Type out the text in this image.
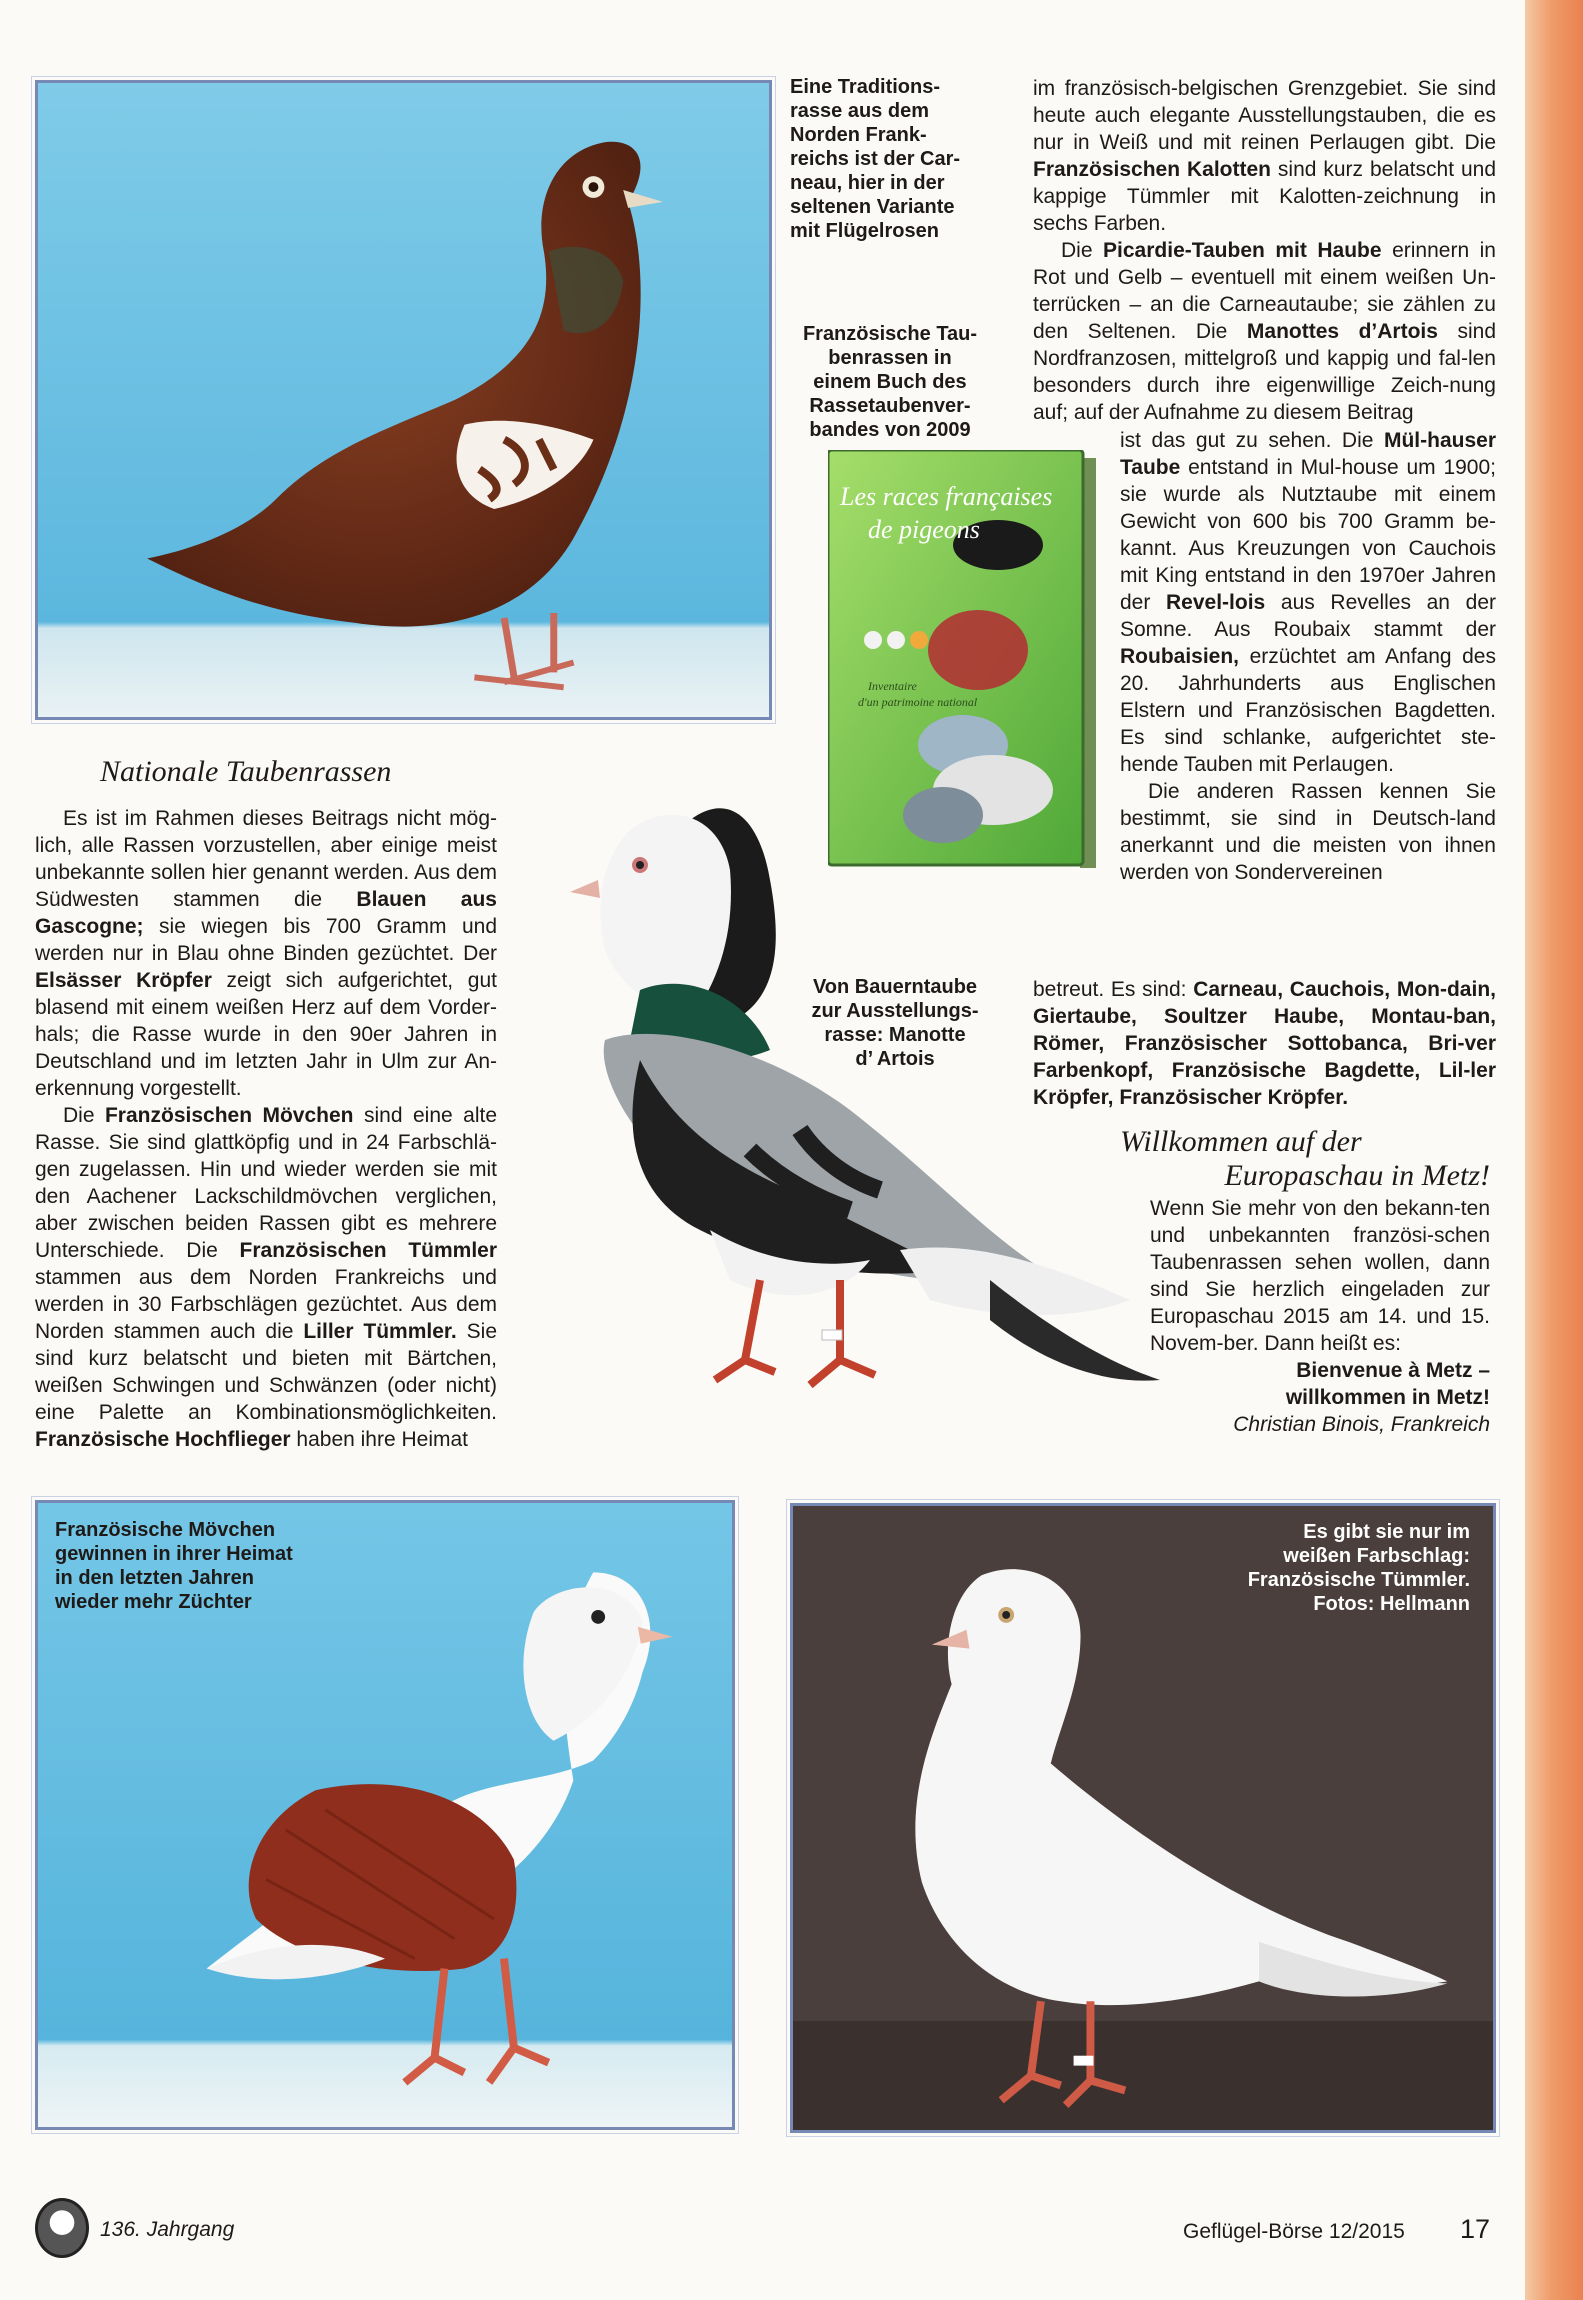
Eine Traditions-
rasse aus dem
Norden Frank-
reichs ist der Car-
neau, hier in der
seltenen Variante
mit Flügelrosen
Französische Tau-
benrassen in
einem Buch des
Rassetaubenver-
bandes von 2009
Les races françaises
de pigeons
Inventaire
d'un patrimoine national

im französisch-belgischen Grenzgebiet. Sie sind heute auch elegante Ausstellungstauben, die es nur in Weiß und mit reinen Perlaugen gibt. Die Französischen Kalotten sind kurz belatscht und kappige Tümmler mit Kalotten-zeichnung in sechs Farben.

Die Picardie-Tauben mit Haube erinnern in Rot und Gelb – eventuell mit einem weißen Un-terrücken – an die Carneautaube; sie zählen zu den Seltenen. Die Manottes d’Artois sind Nordfranzosen, mittelgroß und kappig und fal-len besonders durch ihre eigenwillige Zeich-nung auf; auf der Aufnahme zu diesem Beitrag

ist das gut zu sehen. Die Mül-hauser Taube entstand in Mul-house um 1900; sie wurde als Nutztaube mit einem Gewicht von 600 bis 700 Gramm be-kannt. Aus Kreuzungen von Cauchois mit King entstand in den 1970er Jahren der Revel-lois aus Revelles an der Somne. Aus Roubaix stammt der Roubaisien, erzüchtet am Anfang des 20. Jahrhunderts aus Englischen Elstern und Französischen Bagdetten. Es sind schlanke, aufgerichtet ste-hende Tauben mit Perlaugen.

Die anderen Rassen kennen Sie bestimmt, sie sind in Deutsch-land anerkannt und die meisten von ihnen werden von Sondervereinen

betreut. Es sind: Carneau, Cauchois, Mon-dain, Giertaube, Soultzer Haube, Montau-ban, Römer, Französischer Sottobanca, Bri-ver Farbenkopf, Französische Bagdette, Lil-ler Kröpfer, Französischer Kröpfer.

Nationale Taubenrassen

Es ist im Rahmen dieses Beitrags nicht mög-lich, alle Rassen vorzustellen, aber einige meist unbekannte sollen hier genannt werden. Aus dem Südwesten stammen die Blauen aus Gascogne; sie wiegen bis 700 Gramm und werden nur in Blau ohne Binden gezüchtet. Der Elsässer Kröpfer zeigt sich aufgerichtet, gut blasend mit einem weißen Herz auf dem Vorder-hals; die Rasse wurde in den 90er Jahren in Deutschland und im letzten Jahr in Ulm zur An-erkennung vorgestellt.

Die Französischen Mövchen sind eine alte Rasse. Sie sind glattköpfig und in 24 Farbschlä-gen zugelassen. Hin und wieder werden sie mit den Aachener Lackschildmövchen verglichen, aber zwischen beiden Rassen gibt es mehrere Unterschiede. Die Französischen Tümmler stammen aus dem Norden Frankreichs und werden in 30 Farbschlägen gezüchtet. Aus dem Norden stammen auch die Liller Tümmler. Sie sind kurz belatscht und bieten mit Bärtchen, weißen Schwingen und Schwänzen (oder nicht) eine Palette an Kombinationsmöglichkeiten. Französische Hochflieger haben ihre Heimat

Von Bauerntaube
zur Ausstellungs-
rasse: Manotte
d’ Artois
Willkommen auf der
Europaschau in Metz!

Wenn Sie mehr von den bekann-ten und unbekannten französi-schen Taubenrassen sehen wollen, dann sind Sie herzlich eingeladen zur Europaschau 2015 am 14. und 15. Novem-ber. Dann heißt es:

Bienvenue à Metz –

willkommen in Metz!

Christian Binois, Frankreich

Französische Mövchen
gewinnen in ihrer Heimat
in den letzten Jahren
wieder mehr Züchter
Es gibt sie nur im
weißen Farbschlag:
Französische Tümmler.
Fotos: Hellmann
136. Jahrgang	Geflügel-Börse 12/2015 17
